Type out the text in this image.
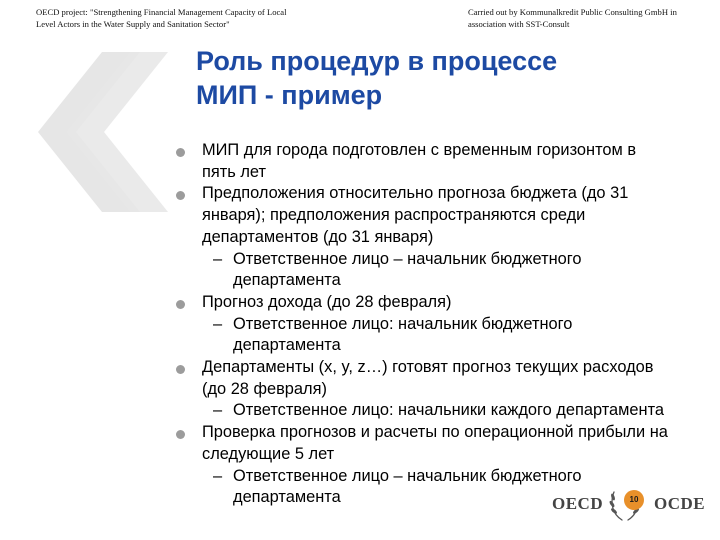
OECD project: "Strengthening Financial Management Capacity of Local
Level Actors in the Water Supply and Sanitation Sector"
Carried out by Kommunalkredit Public Consulting GmbH in
association with SST-Consult
Роль процедур в процессе
МИП - пример
МИП для города подготовлен с временным горизонтом в
пять лет
Предположения относительно прогноза бюджета (до 31
января); предположения распространяются среди
департаментов (до 31 января)
– Ответственное лицо – начальник бюджетного
департамента
Прогноз дохода (до 28 февраля)
– Ответственное лицо: начальник бюджетного
департамента
Департаменты (x, y, z…) готовят прогноз текущих расходов
(до 28 февраля)
– Ответственное лицо: начальники каждого департамента
Проверка прогнозов и расчеты по операционной прибыли на
следующие 5 лет
– Ответственное лицо – начальник бюджетного
департамента	OECD	OCDE
10
